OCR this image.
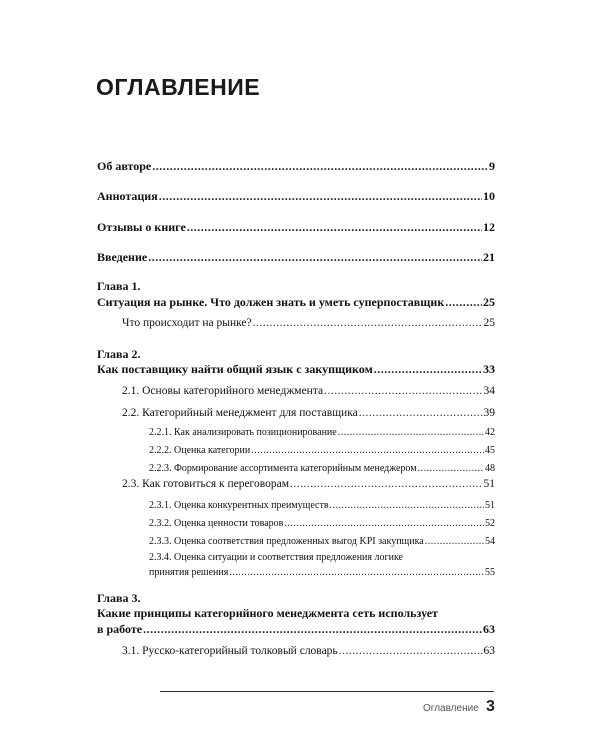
ОГЛАВЛЕНИЕ
Об авторе .....	9
Аннотация .....	10
Отзывы о книге .....	12
Введение .....	21
Глава 1.
Ситуация на рынке. Что должен знать и уметь суперпоставщик .....	25
Что происходит на рынке? .....	25
Глава 2.
Как поставщику найти общий язык с закупщиком .....	33
2.1. Основы категорийного менеджмента .....	34
2.2. Категорийный менеджмент для поставщика .....	39
2.2.1. Как анализировать позиционирование .....	42
2.2.2. Оценка категории .....	45
2.2.3. Формирование ассортимента категорийным менеджером .....	48
2.3. Как готовиться к переговорам .....	51
2.3.1. Оценка конкурентных преимуществ .....	51
2.3.2. Оценка ценности товаров .....	52
2.3.3. Оценка соответствия предложенных выгод KPI закупщика .....	54
2.3.4. Оценка ситуации и соответствия предложения логике
принятия решения .....	55
Глава 3.
Какие принципы категорийного менеджмента сеть использует
в работе .....	63
3.1. Русско-категорийный толковый словарь .....	63
Оглавление 3
